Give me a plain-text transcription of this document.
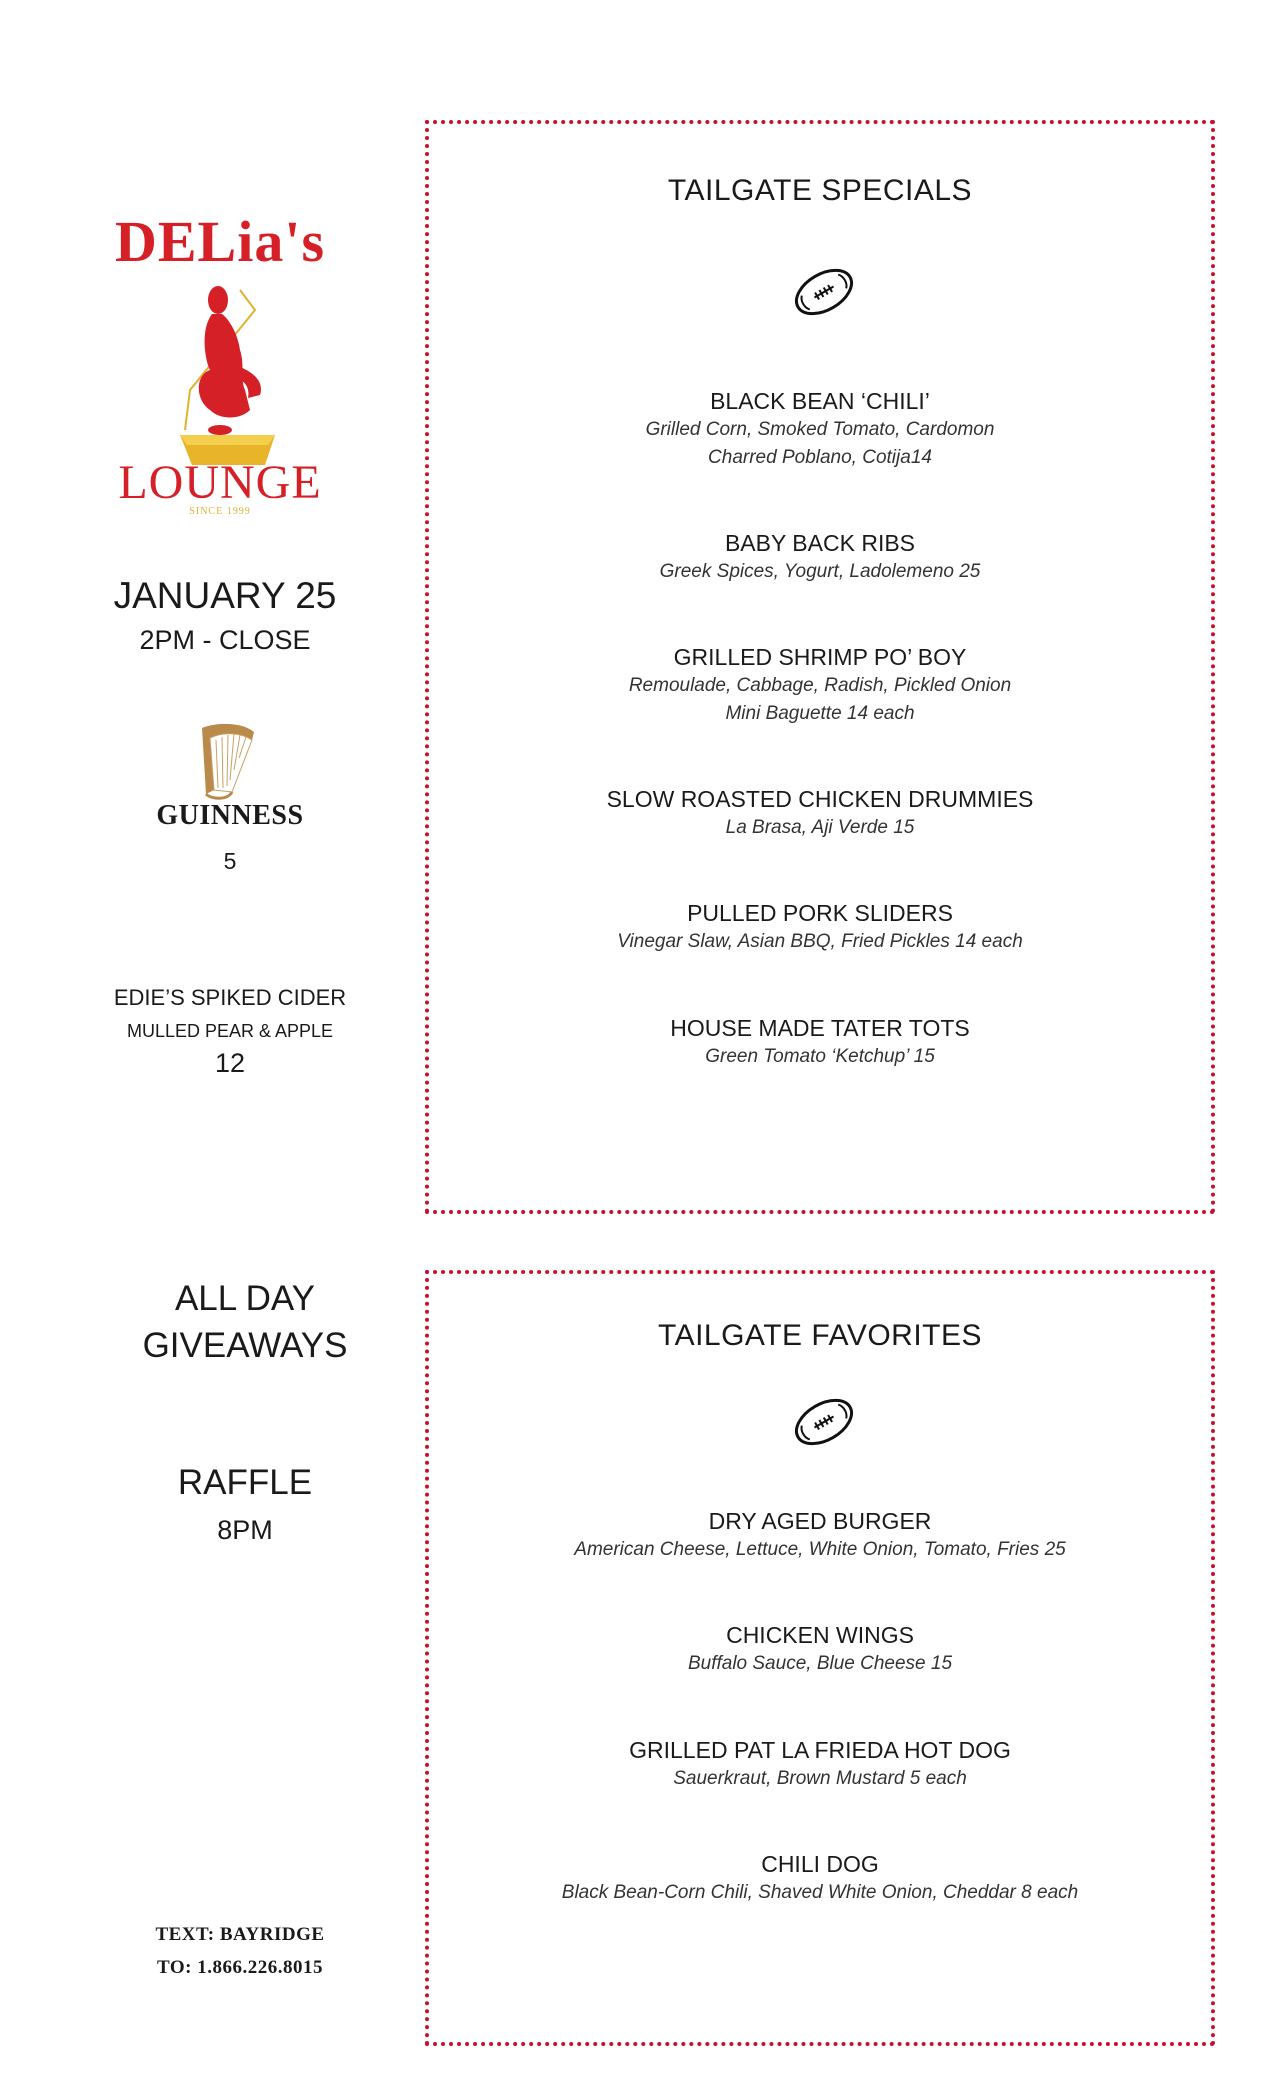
DELiа's
LOUNGE
SINCE 1999
JANUARY 25
2PM - CLOSE
GUINNESS
5
EDIE’S SPIKED CIDER
MULLED PEAR & APPLE
12
ALL DAY
GIVEAWAYS
RAFFLE
8PM
TEXT: BAYRIDGE
TO: 1.866.226.8015
TAILGATE SPECIALS
BLACK BEAN ‘CHILI’
Grilled Corn, Smoked Tomato, Cardomon
Charred Poblano, Cotija14
BABY BACK RIBS
Greek Spices, Yogurt, Ladolemeno 25
GRILLED SHRIMP PO’ BOY
Remoulade, Cabbage, Radish, Pickled Onion
Mini Baguette 14 each
SLOW ROASTED CHICKEN DRUMMIES
La Brasa, Aji Verde 15
PULLED PORK SLIDERS
Vinegar Slaw, Asian BBQ, Fried Pickles 14 each
HOUSE MADE TATER TOTS
Green Tomato ‘Ketchup’ 15
TAILGATE FAVORITES
DRY AGED BURGER
American Cheese, Lettuce, White Onion, Tomato, Fries 25
CHICKEN WINGS
Buffalo Sauce, Blue Cheese 15
GRILLED PAT LA FRIEDA HOT DOG
Sauerkraut, Brown Mustard 5 each
CHILI DOG
Black Bean-Corn Chili, Shaved White Onion, Cheddar 8 each
